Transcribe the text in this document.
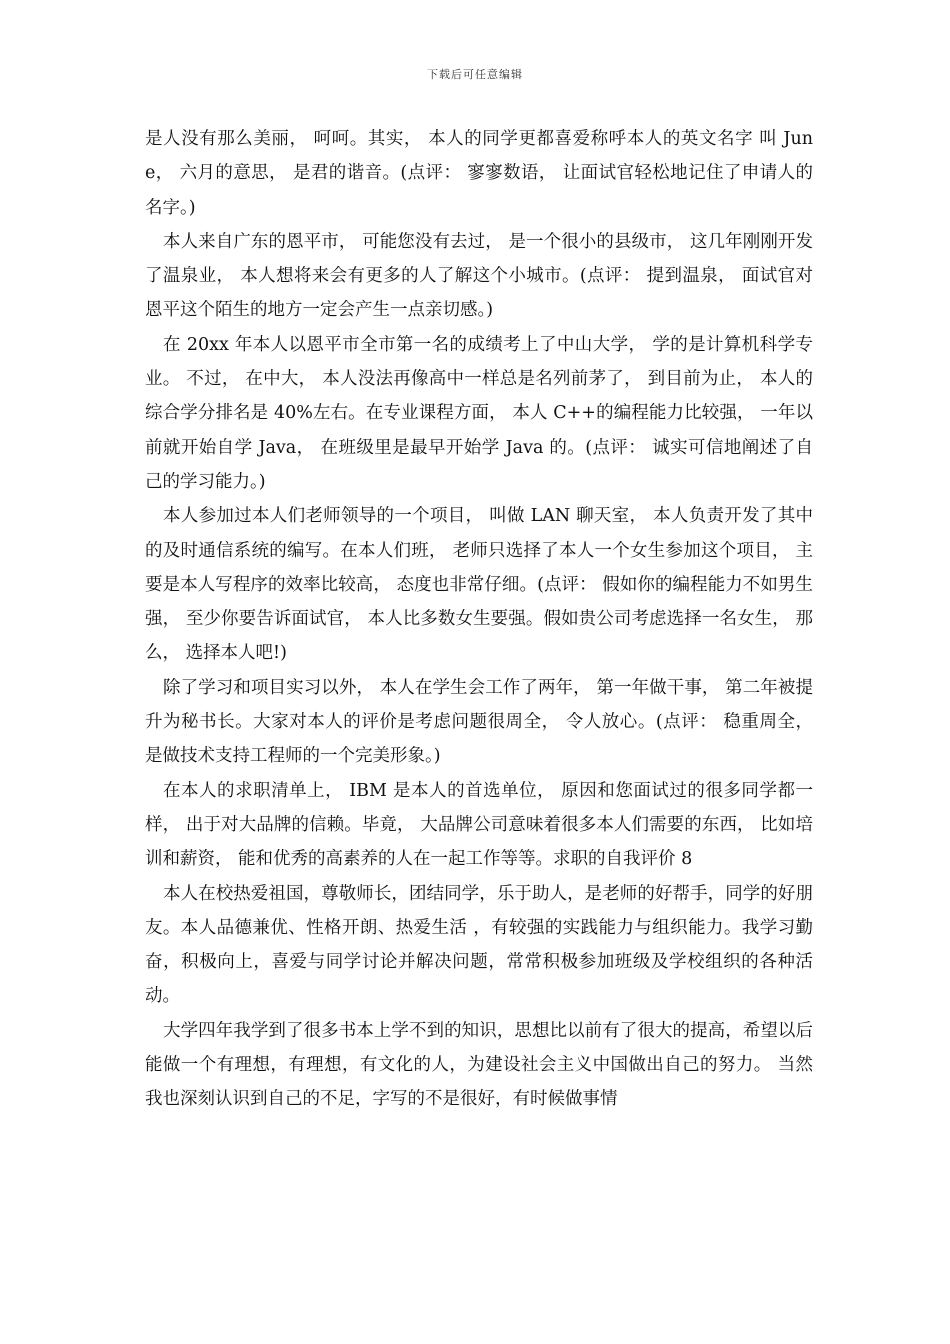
下载后可任意编辑

是人没有那么美丽， 呵呵。其实， 本人的同学更都喜爱称呼本人的英文名字 叫 June， 六月的意思， 是君的谐音。(点评： 寥寥数语， 让面试官轻松地记住了申请人的名字。)

本人来自广东的恩平市， 可能您没有去过， 是一个很小的县级市， 这几年刚刚开发了温泉业， 本人想将来会有更多的人了解这个小城市。(点评： 提到温泉， 面试官对恩平这个陌生的地方一定会产生一点亲切感。)

在 20xx 年本人以恩平市全市第一名的成绩考上了中山大学， 学的是计算机科学专业。 不过， 在中大， 本人没法再像高中一样总是名列前茅了， 到目前为止， 本人的综合学分排名是 40%左右。在专业课程方面， 本人 C++的编程能力比较强， 一年以前就开始自学 Java， 在班级里是最早开始学 Java 的。(点评： 诚实可信地阐述了自己的学习能力。)

本人参加过本人们老师领导的一个项目， 叫做 LAN 聊天室， 本人负责开发了其中的及时通信系统的编写。在本人们班， 老师只选择了本人一个女生参加这个项目， 主要是本人写程序的效率比较高， 态度也非常仔细。(点评： 假如你的编程能力不如男生强， 至少你要告诉面试官， 本人比多数女生要强。假如贵公司考虑选择一名女生， 那么， 选择本人吧!)

除了学习和项目实习以外， 本人在学生会工作了两年， 第一年做干事， 第二年被提升为秘书长。大家对本人的评价是考虑问题很周全， 令人放心。(点评： 稳重周全， 是做技术支持工程师的一个完美形象。)

在本人的求职清单上， IBM 是本人的首选单位， 原因和您面试过的很多同学都一样， 出于对大品牌的信赖。毕竟， 大品牌公司意味着很多本人们需要的东西， 比如培训和薪资， 能和优秀的高素养的人在一起工作等等。求职的自我评价 8

本人在校热爱祖国，尊敬师长，团结同学，乐于助人，是老师的好帮手，同学的好朋友。本人品德兼优、性格开朗、热爱生活 ，有较强的实践能力与组织能力。我学习勤奋，积极向上，喜爱与同学讨论并解决问题，常常积极参加班级及学校组织的各种活动。

大学四年我学到了很多书本上学不到的知识，思想比以前有了很大的提高，希望以后能做一个有理想，有理想，有文化的人，为建设社会主义中国做出自己的努力。 当然我也深刻认识到自己的不足，字写的不是很好，有时候做事情
